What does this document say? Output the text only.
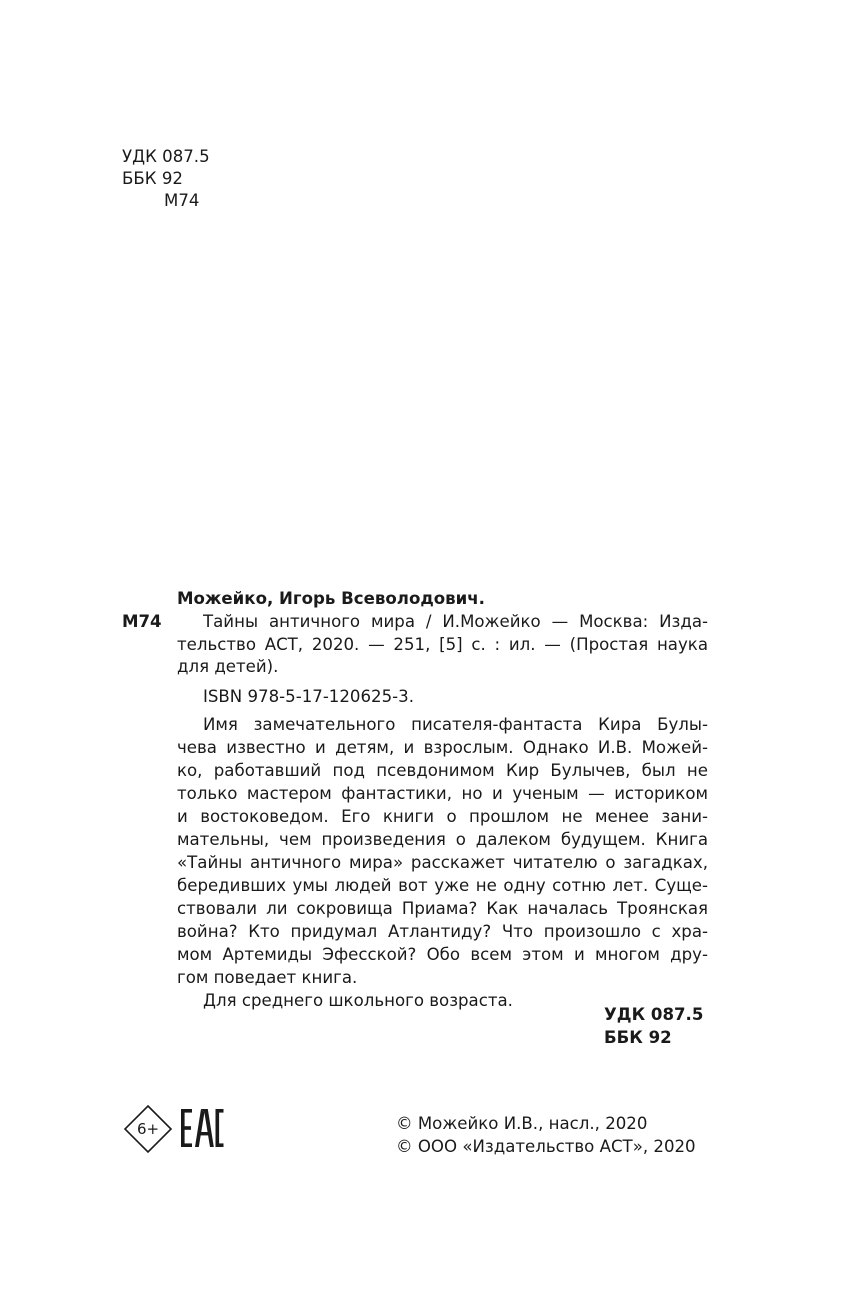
УДК 087.5
ББК 92
М74
Можейко, Игорь Всеволодович.
М74 Тайны античного мира / И.Можейко — Москва: Изда-
тельство АСТ, 2020. — 251, [5] с. : ил. — (Простая наука
для детей).
ISBN 978-5-17-120625-3.
Имя замечательного писателя-фантаста Кира Булы-
чева известно и детям, и взрослым. Однако И.В. Можей-
ко, работавший под псевдонимом Кир Булычев, был не
только мастером фантастики, но и ученым — историком
и востоковедом. Его книги о прошлом не менее зани-
мательны, чем произведения о далеком будущем. Книга
«Тайны античного мира» расскажет читателю о загадках,
бередивших умы людей вот уже не одну сотню лет. Суще-
ствовали ли сокровища Приама? Как началась Троянская
война? Кто придумал Атлантиду? Что произошло с хра-
мом Артемиды Эфесской? Обо всем этом и многом дру-
гом поведает книга.
Для среднего школьного возраста.
УДК 087.5
ББК 92
6+	© Можейко И.В., насл., 2020
© ООО «Издательство АСТ», 2020
